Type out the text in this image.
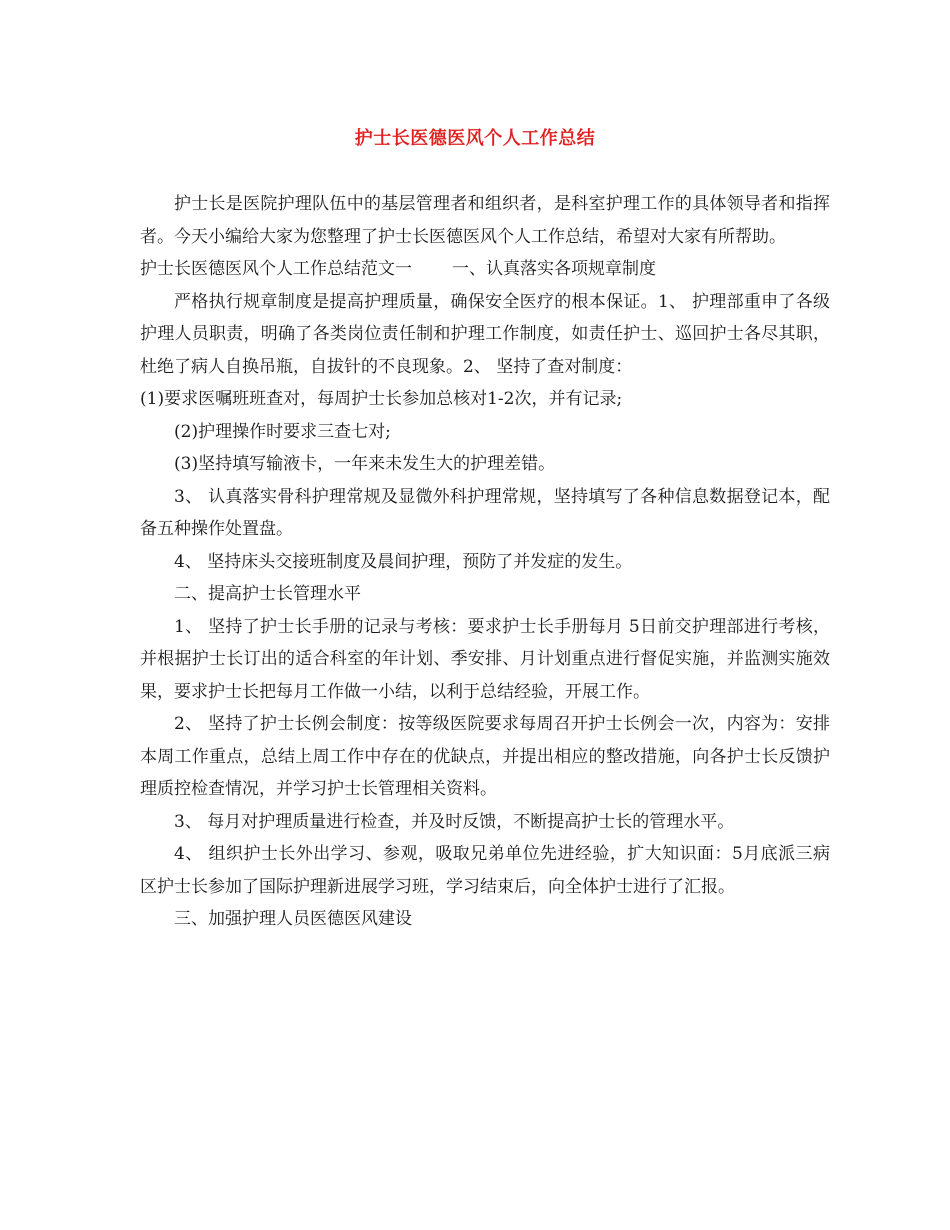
护士长医德医风个人工作总结

护士长是医院护理队伍中的基层管理者和组织者，是科室护理工作的具体领导者和指挥者。今天小编给大家为您整理了护士长医德医风个人工作总结，希望对大家有所帮助。

护士长医德医风个人工作总结范文一 一、认真落实各项规章制度

严格执行规章制度是提高护理质量，确保安全医疗的根本保证。1、 护理部重申了各级护理人员职责，明确了各类岗位责任制和护理工作制度，如责任护士、巡回护士各尽其职，杜绝了病人自换吊瓶，自拔针的不良现象。2、 坚持了查对制度：

(1)要求医嘱班班查对，每周护士长参加总核对1-2次，并有记录;

(2)护理操作时要求三查七对;

(3)坚持填写输液卡，一年来未发生大的护理差错。

3、 认真落实骨科护理常规及显微外科护理常规，坚持填写了各种信息数据登记本，配备五种操作处置盘。

4、 坚持床头交接班制度及晨间护理，预防了并发症的发生。

二、提高护士长管理水平

1、 坚持了护士长手册的记录与考核：要求护士长手册每月 5日前交护理部进行考核，并根据护士长订出的适合科室的年计划、季安排、月计划重点进行督促实施，并监测实施效果，要求护士长把每月工作做一小结，以利于总结经验，开展工作。

2、 坚持了护士长例会制度：按等级医院要求每周召开护士长例会一次，内容为：安排本周工作重点，总结上周工作中存在的优缺点，并提出相应的整改措施，向各护士长反馈护理质控检查情况，并学习护士长管理相关资料。

3、 每月对护理质量进行检查，并及时反馈，不断提高护士长的管理水平。

4、 组织护士长外出学习、参观，吸取兄弟单位先进经验，扩大知识面：5月底派三病区护士长参加了国际护理新进展学习班，学习结束后，向全体护士进行了汇报。

三、加强护理人员医德医风建设
